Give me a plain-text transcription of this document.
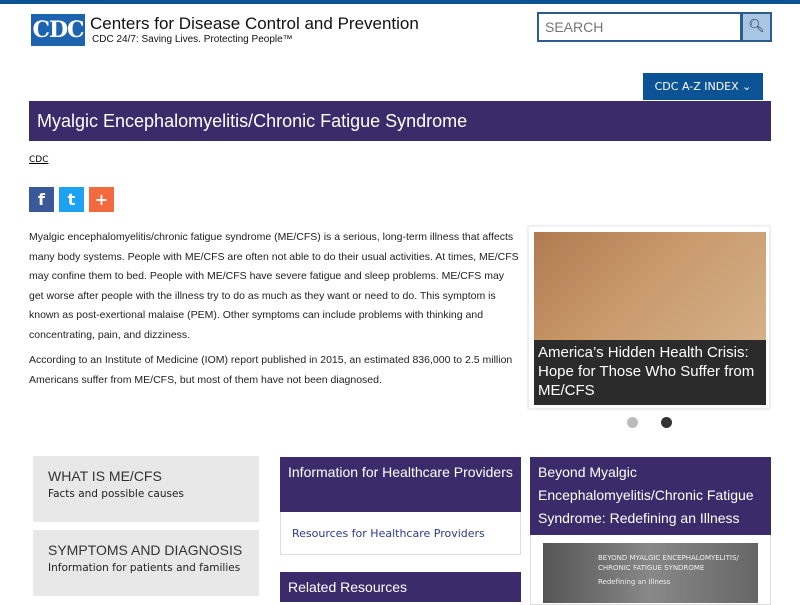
CDC Centers for Disease Control and Prevention
CDC 24/7: Saving Lives. Protecting People™
SEARCH
🔍︎
CDC A-Z INDEX ⌄
Myalgic Encephalomyelitis/Chronic Fatigue Syndrome
CDC
f	t	+

Myalgic encephalomyelitis/chronic fatigue syndrome (ME/CFS) is a serious, long-term illness that affects many body systems. People with ME/CFS are often not able to do their usual activities. At times, ME/CFS may confine them to bed. People with ME/CFS have severe fatigue and sleep problems. ME/CFS may get worse after people with the illness try to do as much as they want or need to do. This symptom is known as post-exertional malaise (PEM). Other symptoms can include problems with thinking and concentrating, pain, and dizziness.

According to an Institute of Medicine (IOM) report published in 2015, an estimated 836,000 to 2.5 million Americans suffer from ME/CFS, but most of them have not been diagnosed.

America’s Hidden Health Crisis: Hope for Those Who Suffer from ME/CFS
WHAT IS ME/CFS
Facts and possible causes
SYMPTOMS AND DIAGNOSIS
Information for patients and families
Information for Healthcare Providers
Resources for Healthcare Providers
Related Resources
Beyond Myalgic Encephalomyelitis/Chronic Fatigue Syndrome: Redefining an Illness
BEYOND MYALGIC ENCEPHALOMYELITIS/
CHRONIC FATIGUE SYNDROME
Redefining an Illness
